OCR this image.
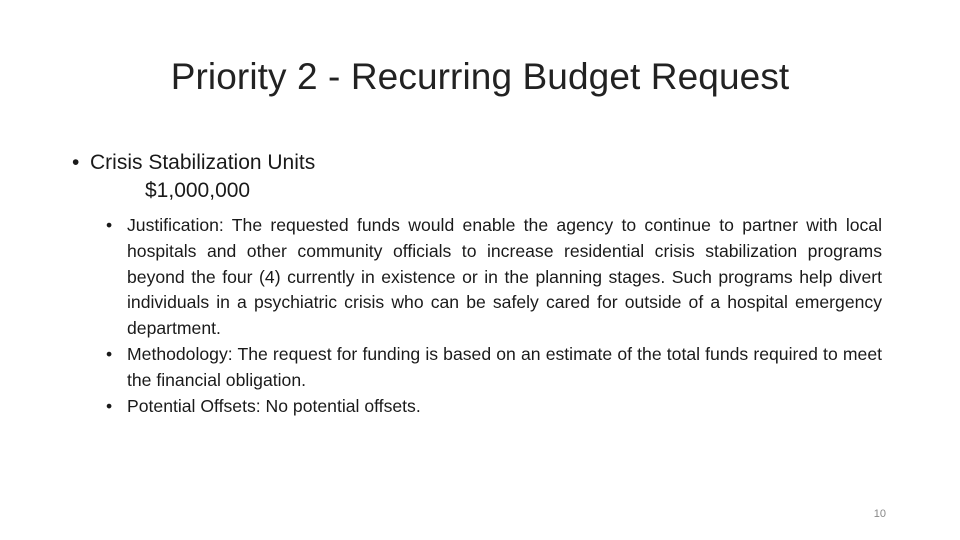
Priority 2 - Recurring Budget Request
• Crisis Stabilization Units
$1,000,000
• Justification: The requested funds would enable the agency to continue to partner with local hospitals and other community officials to increase residential crisis stabilization programs beyond the four (4) currently in existence or in the planning stages. Such programs help divert individuals in a psychiatric crisis who can be safely cared for outside of a hospital emergency department.
• Methodology: The request for funding is based on an estimate of the total funds required to meet the financial obligation.
• Potential Offsets: No potential offsets.
10
